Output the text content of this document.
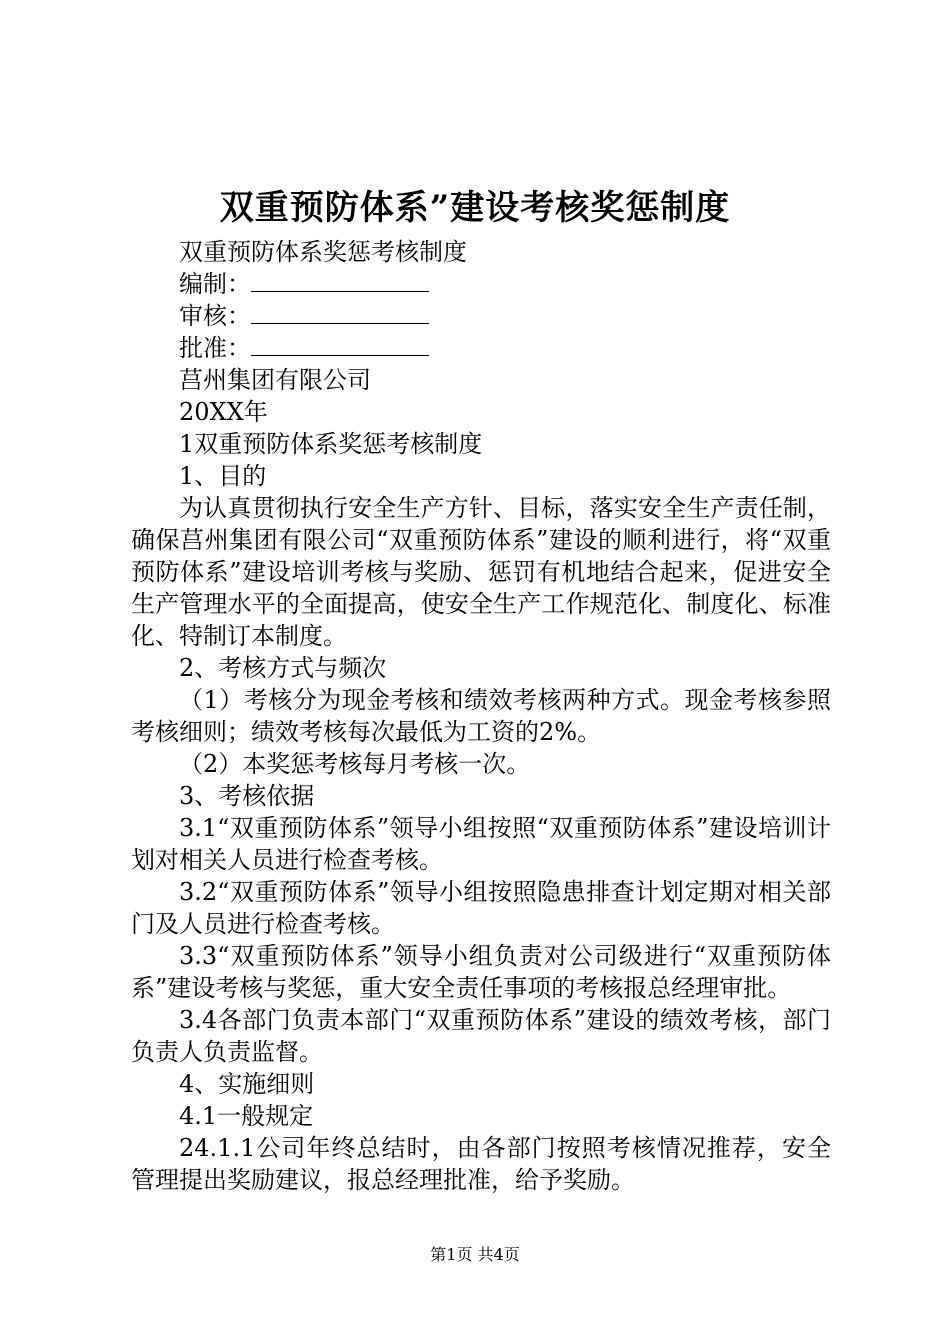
双重预防体系”建设考核奖惩制度

双重预防体系奖惩考核制度

编制：

审核：

批准：

莒州集团有限公司

20XX年

1双重预防体系奖惩考核制度

1、目的

为认真贯彻执行安全生产方针、目标，落实安全生产责任制，确保莒州集团有限公司“双重预防体系”建设的顺利进行，将“双重预防体系”建设培训考核与奖励、惩罚有机地结合起来，促进安全生产管理水平的全面提高，使安全生产工作规范化、制度化、标准化、特制订本制度。

2、考核方式与频次

（1）考核分为现金考核和绩效考核两种方式。现金考核参照考核细则；绩效考核每次最低为工资的2%。

（2）本奖惩考核每月考核一次。

3、考核依据

3.1“双重预防体系”领导小组按照“双重预防体系”建设培训计划对相关人员进行检查考核。

3.2“双重预防体系”领导小组按照隐患排查计划定期对相关部门及人员进行检查考核。

3.3“双重预防体系”领导小组负责对公司级进行“双重预防体系”建设考核与奖惩，重大安全责任事项的考核报总经理审批。

3.4各部门负责本部门“双重预防体系”建设的绩效考核，部门负责人负责监督。

4、实施细则

4.1一般规定

24.1.1公司年终总结时，由各部门按照考核情况推荐，安全管理提出奖励建议，报总经理批准，给予奖励。

第1页 共4页
